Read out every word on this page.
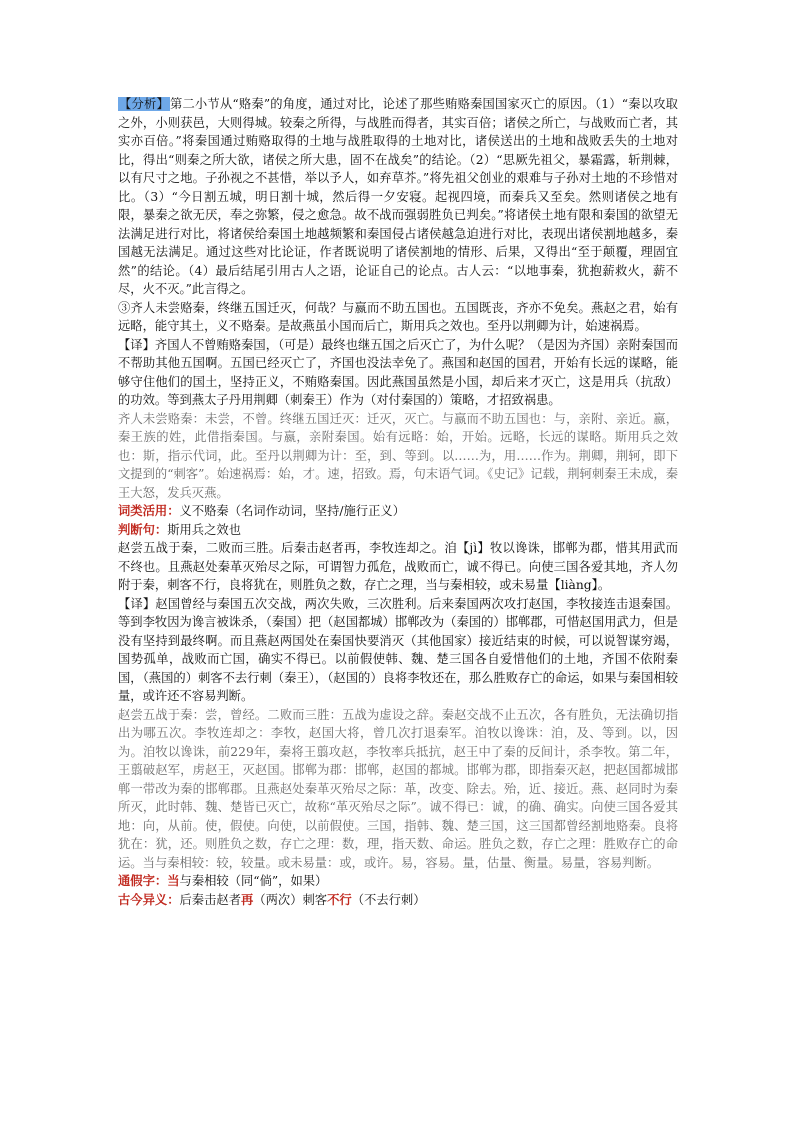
【分析】第二小节从“赂秦”的角度，通过对比，论述了那些贿赂秦国国家灭亡的原因。（1）“秦以攻取之外，小则获邑，大则得城。较秦之所得，与战胜而得者，其实百倍；诸侯之所亡，与战败而亡者，其实亦百倍。”将秦国通过贿赂取得的土地与战胜取得的土地对比，诸侯送出的土地和战败丢失的土地对比，得出“则秦之所大欲，诸侯之所大患，固不在战矣”的结论。（2）“思厥先祖父，暴霜露，斩荆棘，以有尺寸之地。子孙视之不甚惜，举以予人，如弃草芥。”将先祖父创业的艰难与子孙对土地的不珍惜对比。（3）“今日割五城，明日割十城，然后得一夕安寝。起视四境，而秦兵又至矣。然则诸侯之地有限，暴秦之欲无厌，奉之弥繁，侵之愈急。故不战而强弱胜负已判矣。”将诸侯土地有限和秦国的欲望无法满足进行对比，将诸侯给秦国土地越频繁和秦国侵占诸侯越急迫进行对比，表现出诸侯割地越多，秦国越无法满足。通过这些对比论证，作者既说明了诸侯割地的情形、后果，又得出“至于颠覆，理固宜然”的结论。（4）最后结尾引用古人之语，论证自己的论点。古人云：“以地事秦，犹抱薪救火，薪不尽，火不灭。”此言得之。

③齐人未尝赂秦，终继五国迁灭，何哉？与嬴而不助五国也。五国既丧，齐亦不免矣。燕赵之君，始有远略，能守其土，义不赂秦。是故燕虽小国而后亡，斯用兵之效也。至丹以荆卿为计，始速祸焉。

【译】齐国人不曾贿赂秦国，（可是）最终也继五国之后灭亡了，为什么呢？（是因为齐国）亲附秦国而不帮助其他五国啊。五国已经灭亡了，齐国也没法幸免了。燕国和赵国的国君，开始有长远的谋略，能够守住他们的国土，坚持正义，不贿赂秦国。因此燕国虽然是小国，却后来才灭亡，这是用兵（抗敌）的功效。等到燕太子丹用荆卿（刺秦王）作为（对付秦国的）策略，才招致祸患。

齐人未尝赂秦：未尝，不曾。终继五国迁灭：迁灭，灭亡。与嬴而不助五国也：与，亲附、亲近。嬴，秦王族的姓，此借指秦国。与嬴，亲附秦国。始有远略：始，开始。远略，长远的谋略。斯用兵之效也：斯，指示代词，此。至丹以荆卿为计：至，到、等到。以……为，用……作为。荆卿，荆轲，即下文提到的“刺客”。始速祸焉：始，才。速，招致。焉，句末语气词。《史记》记载，荆轲刺秦王未成，秦王大怒，发兵灭燕。

词类活用：义不赂秦（名词作动词，坚持/施行正义）

判断句：斯用兵之效也

赵尝五战于秦，二败而三胜。后秦击赵者再，李牧连却之。洎【jì】牧以谗诛，邯郸为郡，惜其用武而不终也。且燕赵处秦革灭殆尽之际，可谓智力孤危，战败而亡，诚不得已。向使三国各爱其地，齐人勿附于秦，刺客不行，良将犹在，则胜负之数，存亡之理，当与秦相较，或未易量【liàng】。

【译】赵国曾经与秦国五次交战，两次失败，三次胜利。后来秦国两次攻打赵国，李牧接连击退秦国。等到李牧因为谗言被诛杀，（秦国）把（赵国都城）邯郸改为（秦国的）邯郸郡，可惜赵国用武力，但是没有坚持到最终啊。而且燕赵两国处在秦国快要消灭（其他国家）接近结束的时候，可以说智谋穷竭，国势孤单，战败而亡国，确实不得已。以前假使韩、魏、楚三国各自爱惜他们的土地，齐国不依附秦国，（燕国的）刺客不去行刺（秦王），（赵国的）良将李牧还在，那么胜败存亡的命运，如果与秦国相较量，或许还不容易判断。

赵尝五战于秦：尝，曾经。二败而三胜：五战为虚设之辞。秦赵交战不止五次，各有胜负，无法确切指出为哪五次。李牧连却之：李牧，赵国大将，曾几次打退秦军。洎牧以谗诛：洎，及、等到。以，因为。洎牧以谗诛，前229年，秦将王翦攻赵，李牧率兵抵抗，赵王中了秦的反间计，杀李牧。第二年，王翦破赵军，虏赵王，灭赵国。邯郸为郡：邯郸，赵国的都城。邯郸为郡，即指秦灭赵，把赵国都城邯郸一带改为秦的邯郸郡。且燕赵处秦革灭殆尽之际：革，改变、除去。殆，近、接近。燕、赵同时为秦所灭，此时韩、魏、楚皆已灭亡，故称“革灭殆尽之际”。诚不得已：诚，的确、确实。向使三国各爱其地：向，从前。使，假使。向使，以前假使。三国，指韩、魏、楚三国，这三国都曾经割地赂秦。良将犹在：犹，还。则胜负之数，存亡之理：数，理，指天数、命运。胜负之数，存亡之理：胜败存亡的命运。当与秦相较：较，较量。或未易量：或，或许。易，容易。量，估量、衡量。易量，容易判断。

通假字：当与秦相较（同“倘”，如果）

古今异义：后秦击赵者再（两次）刺客不行（不去行刺）
